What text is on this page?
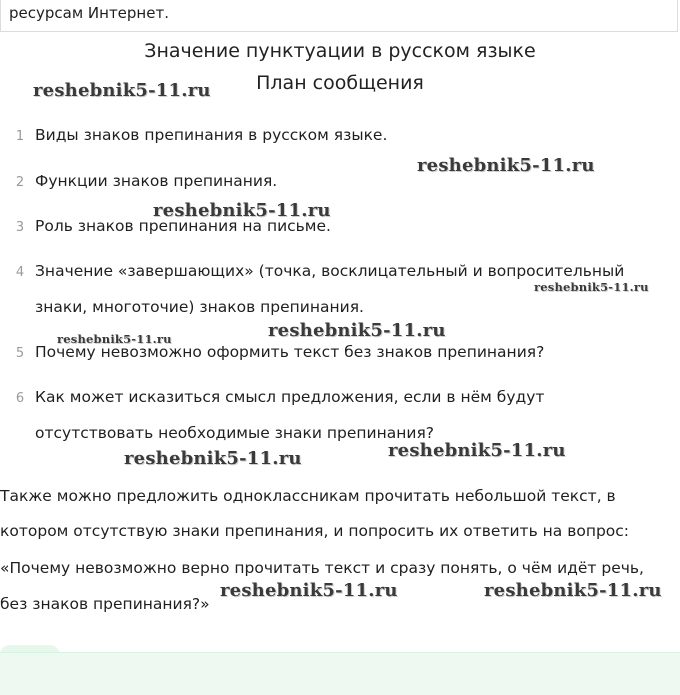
ресурсам Интернет.
Значение пунктуации в русском языке
План сообщения
1 Виды знаков препинания в русском языке.
2 Функции знаков препинания.
3 Роль знаков препинания на письме.
4 Значение «завершающих» (точка, восклицательный и вопросительный
знаки, многоточие) знаков препинания.
5 Почему невозможно оформить текст без знаков препинания?
6 Как может исказиться смысл предложения, если в нём будут
отсутствовать необходимые знаки препинания?
Также можно предложить одноклассникам прочитать небольшой текст, в
котором отсутствую знаки препинания, и попросить их ответить на вопрос:
«Почему невозможно верно прочитать текст и сразу понять, о чём идёт речь,
без знаков препинания?»
reshebnik5-11.ru
reshebnik5-11.ru
reshebnik5-11.ru
reshebnik5-11.ru
reshebnik5-11.ru	reshebnik5-11.ru
reshebnik5-11.ru
reshebnik5-11.ru
reshebnik5-11.ru	reshebnik5-11.ru
